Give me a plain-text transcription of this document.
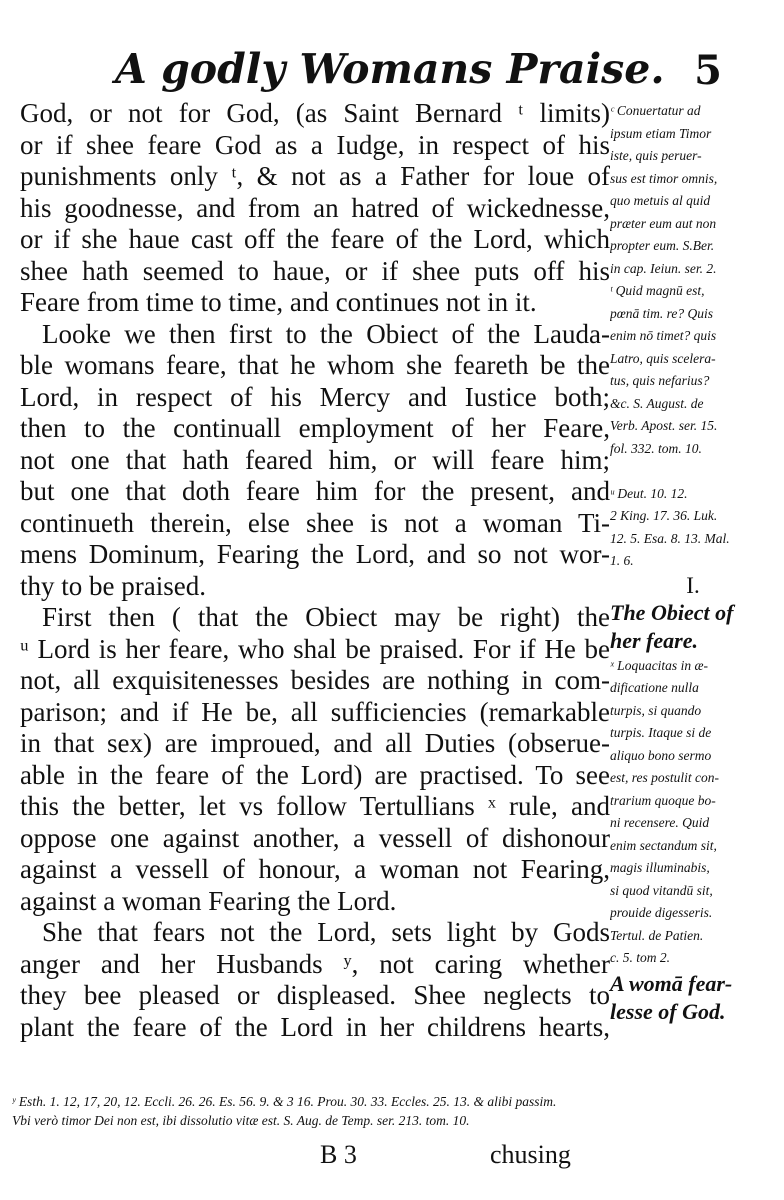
A godly Womans Praise. 5
God, or not for God, (as Saint Bernard ᵗ limits)
or if shee feare God as a Iudge, in respect of his
punishments only ᵗ, & not as a Father for loue of
his goodnesse, and from an hatred of wickednesse,
or if she haue cast off the feare of the Lord, which
shee hath seemed to haue, or if shee puts off his
Feare from time to time, and continues not in it.
Looke we then first to the Obiect of the Lauda-
ble womans feare, that he whom she feareth be the
Lord, in respect of his Mercy and Iustice both;
then to the continuall employment of her Feare,
not one that hath feared him, or will feare him;
but one that doth feare him for the present, and
continueth therein, else shee is not a woman Ti-
mens Dominum, Fearing the Lord, and so not wor-
thy to be praised.
First then ( that the Obiect may be right) the
ᵘ Lord is her feare, who shal be praised. For if He be
not, all exquisitenesses besides are nothing in com-
parison; and if He be, all sufficiencies (remarkable
in that sex) are improued, and all Duties (obserue-
able in the feare of the Lord) are practised. To see
this the better, let vs follow Tertullians ˣ rule, and
oppose one against another, a vessell of dishonour
against a vessell of honour, a woman not Fearing,
against a woman Fearing the Lord.
She that fears not the Lord, sets light by Gods
anger and her Husbands ʸ, not caring whether
they bee pleased or displeased. Shee neglects to
plant the feare of the Lord in her childrens hearts,
ᶜ Conuertatur ad
ipsum etiam Timor
iste, quis peruer-
sus est timor omnis,
quo metuis al quid
præter eum aut non
propter eum. S.Ber.
in cap. Ieiun. ser. 2.
ᵗ Quid magnū est,
pœnā tim. re? Quis
enim nō timet? quis
Latro, quis scelera-
tus, quis nefarius?
&c. S. August. de
Verb. Apost. ser. 15.
fol. 332. tom. 10.
ᵘ Deut. 10. 12.
2 King. 17. 36. Luk.
12. 5. Esa. 8. 13. Mal.
1. 6.
I.
The Obiect of
her feare.
ˣ Loquacitas in æ-
dificatione nulla
turpis, si quando
turpis. Itaque si de
aliquo bono sermo
est, res postulit con-
trarium quoque bo-
ni recensere. Quid
enim sectandum sit,
magis illuminabis,
si quod vitandū sit,
prouide digesseris.
Tertul. de Patien.
c. 5. tom 2.
A womā fear-
lesse of God.
ʸ Esth. 1. 12, 17, 20, 12. Eccli. 26. 26. Es. 56. 9. & 3 16. Prou. 30. 33. Eccles. 25. 13. & alibi passim.
Vbi verò timor Dei non est, ibi dissolutio vitæ est. S. Aug. de Temp. ser. 213. tom. 10.
B 3	chusing
